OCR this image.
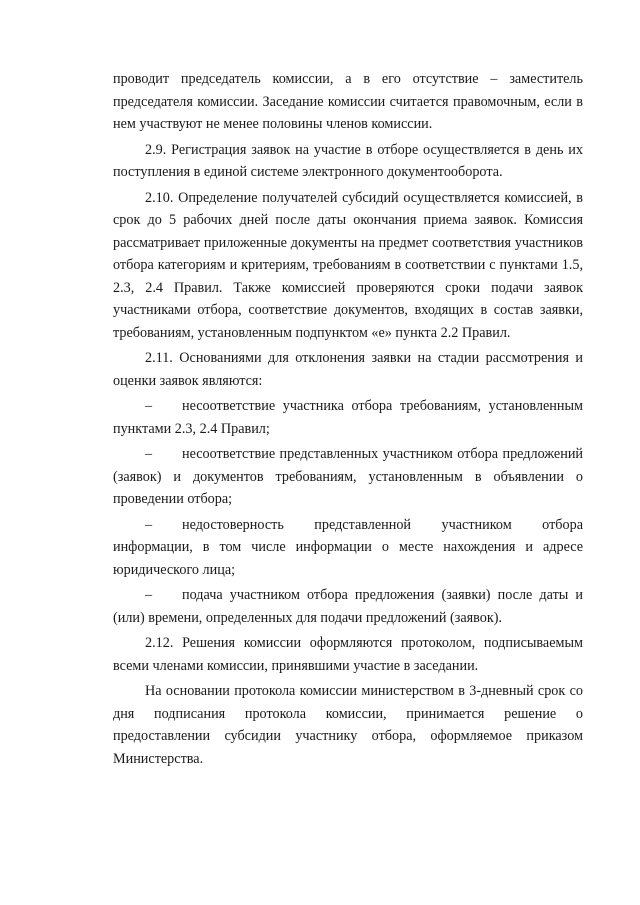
проводит председатель комиссии, а в его отсутствие – заместитель председателя комиссии. Заседание комиссии считается правомочным, если в нем участвуют не менее половины членов комиссии.

2.9. Регистрация заявок на участие в отборе осуществляется в день их поступления в единой системе электронного документооборота.

2.10. Определение получателей субсидий осуществляется комиссией, в срок до 5 рабочих дней после даты окончания приема заявок. Комиссия рассматривает приложенные документы на предмет соответствия участников отбора категориям и критериям, требованиям в соответствии с пунктами 1.5, 2.3, 2.4 Правил. Также комиссией проверяются сроки подачи заявок участниками отбора, соответствие документов, входящих в состав заявки, требованиям, установленным подпунктом «е» пункта 2.2 Правил.

2.11. Основаниями для отклонения заявки на стадии рассмотрения и оценки заявок являются:

– несоответствие участника отбора требованиям, установленным пунктами 2.3, 2.4 Правил;

– несоответствие представленных участником отбора предложений (заявок) и документов требованиям, установленным в объявлении о проведении отбора;

– недостоверность представленной участником отбора информации, в том числе информации о месте нахождения и адресе юридического лица;

– подача участником отбора предложения (заявки) после даты и (или) времени, определенных для подачи предложений (заявок).

2.12. Решения комиссии оформляются протоколом, подписываемым всеми членами комиссии, принявшими участие в заседании.

На основании протокола комиссии министерством в 3-дневный срок со дня подписания протокола комиссии, принимается решение о предоставлении субсидии участнику отбора, оформляемое приказом Министерства.
